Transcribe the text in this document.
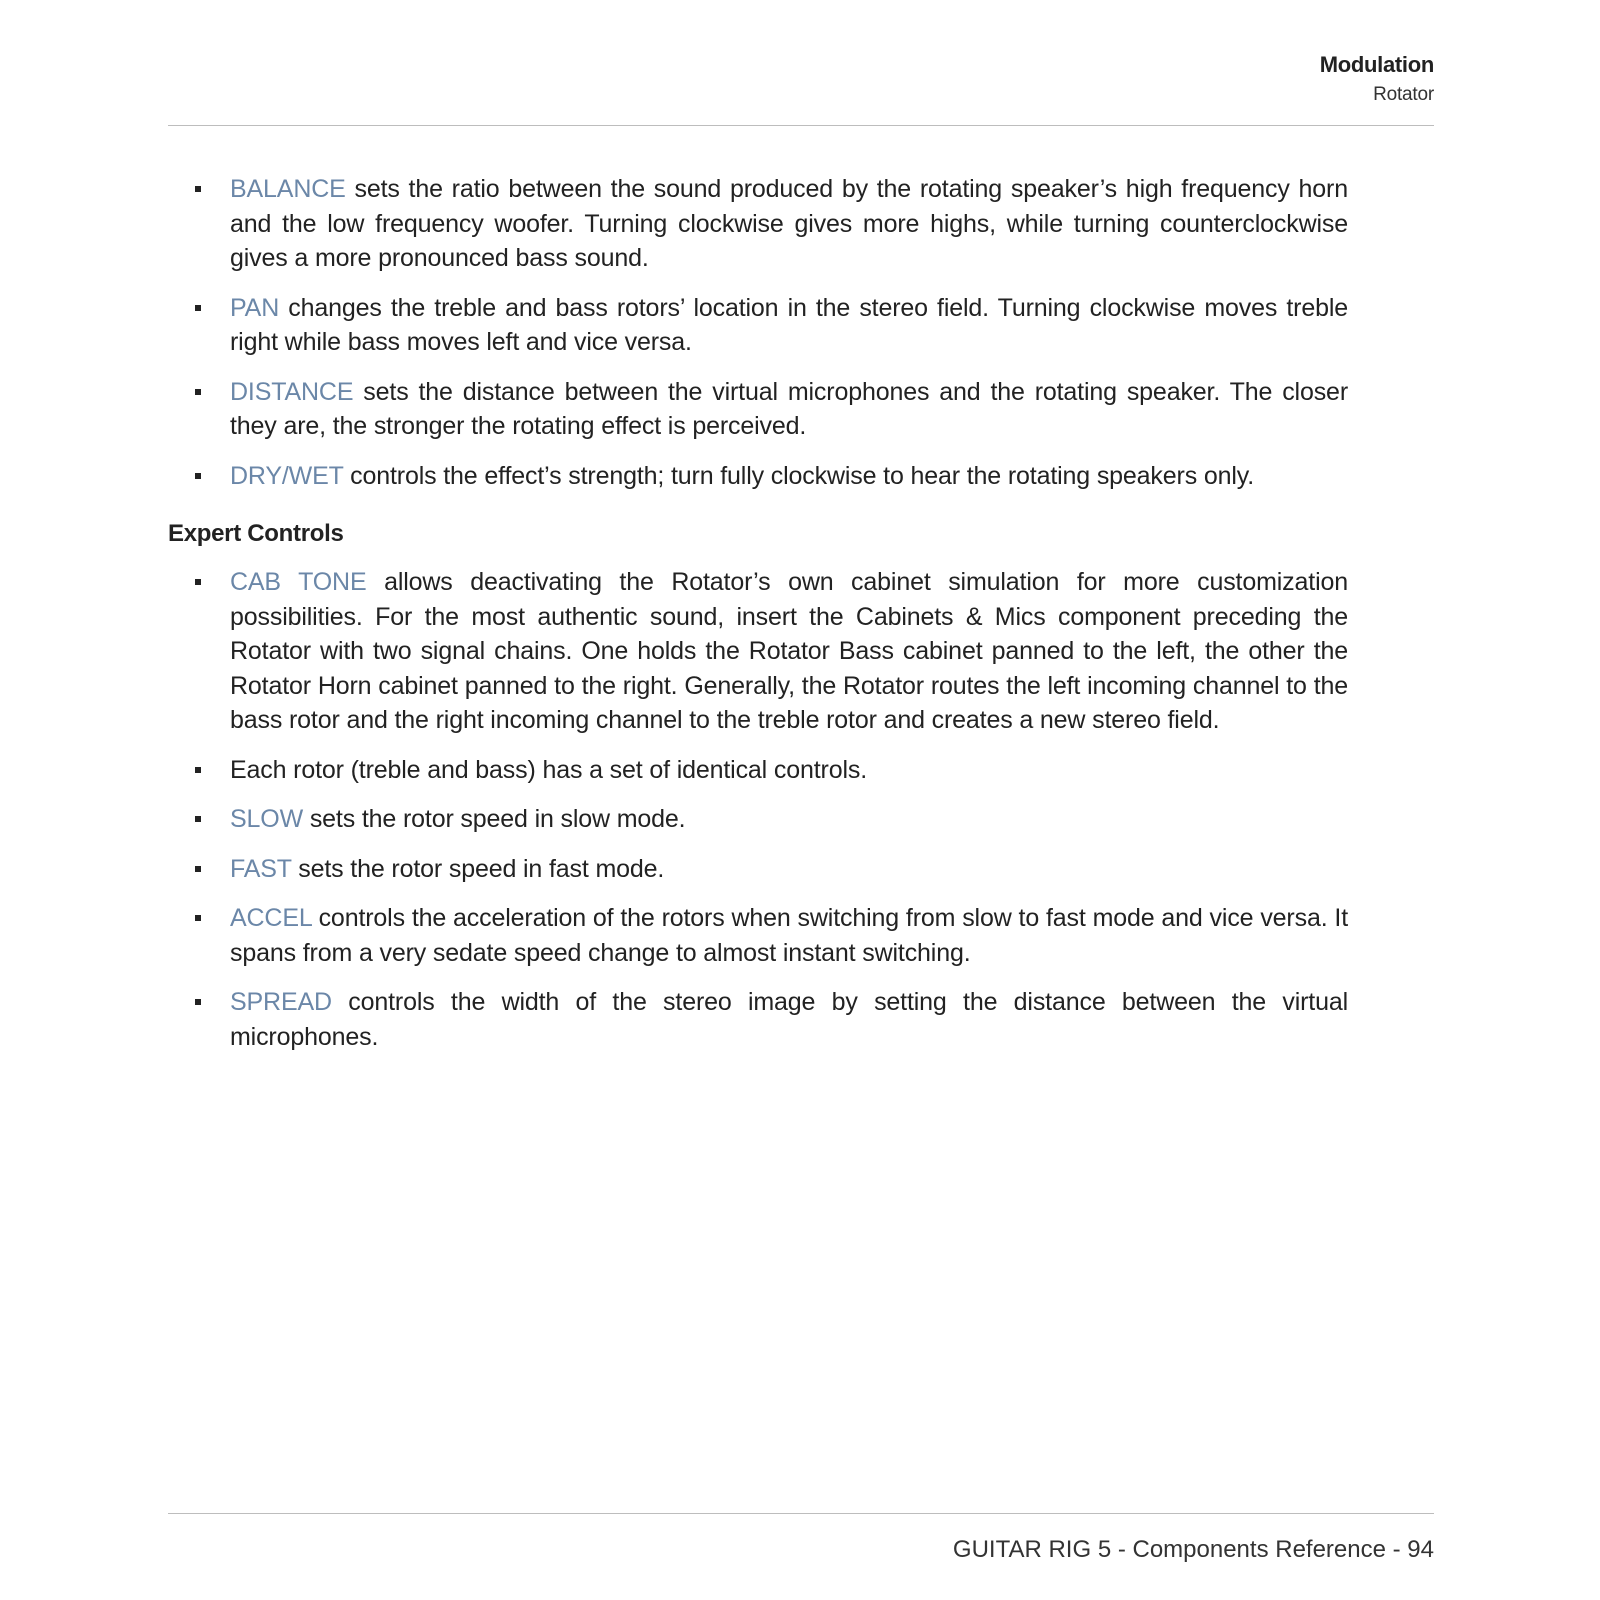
Modulation
Rotator
BALANCE sets the ratio between the sound produced by the rotating speaker’s high frequency horn and the low frequency woofer. Turning clockwise gives more highs, while turning counterclockwise gives a more pronounced bass sound.
PAN changes the treble and bass rotors’ location in the stereo field. Turning clockwise moves treble right while bass moves left and vice versa.
DISTANCE sets the distance between the virtual microphones and the rotating speaker. The closer they are, the stronger the rotating effect is perceived.
DRY/WET controls the effect’s strength; turn fully clockwise to hear the rotating speakers only.
Expert Controls
CAB TONE allows deactivating the Rotator’s own cabinet simulation for more customization possibilities. For the most authentic sound, insert the Cabinets & Mics component preceding the Rotator with two signal chains. One holds the Rotator Bass cabinet panned to the left, the other the Rotator Horn cabinet panned to the right. Generally, the Rotator routes the left incoming channel to the bass rotor and the right incoming channel to the treble rotor and creates a new stereo field.
Each rotor (treble and bass) has a set of identical controls.
SLOW sets the rotor speed in slow mode.
FAST sets the rotor speed in fast mode.
ACCEL controls the acceleration of the rotors when switching from slow to fast mode and vice versa. It spans from a very sedate speed change to almost instant switching.
SPREAD controls the width of the stereo image by setting the distance between the virtual microphones.
GUITAR RIG 5 - Components Reference - 94
